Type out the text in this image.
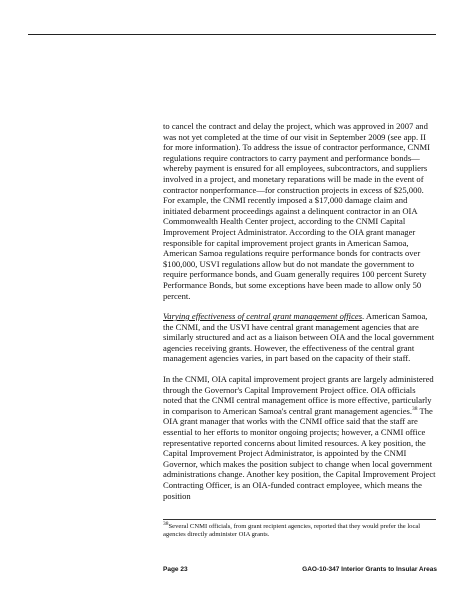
to cancel the contract and delay the project, which was approved in 2007 and was not yet completed at the time of our visit in September 2009 (see app. II for more information). To address the issue of contractor performance, CNMI regulations require contractors to carry payment and performance bonds—whereby payment is ensured for all employees, subcontractors, and suppliers involved in a project, and monetary reparations will be made in the event of contractor nonperformance—for construction projects in excess of $25,000. For example, the CNMI recently imposed a $17,000 damage claim and initiated debarment proceedings against a delinquent contractor in an OIA Commonwealth Health Center project, according to the CNMI Capital Improvement Project Administrator. According to the OIA grant manager responsible for capital improvement project grants in American Samoa, American Samoa regulations require performance bonds for contracts over $100,000, USVI regulations allow but do not mandate the government to require performance bonds, and Guam generally requires 100 percent Surety Performance Bonds, but some exceptions have been made to allow only 50 percent.

Varying effectiveness of central grant management offices. American Samoa, the CNMI, and the USVI have central grant management agencies that are similarly structured and act as a liaison between OIA and the local government agencies receiving grants. However, the effectiveness of the central grant management agencies varies, in part based on the capacity of their staff.

In the CNMI, OIA capital improvement project grants are largely administered through the Governor's Capital Improvement Project office. OIA officials noted that the CNMI central management office is more effective, particularly in comparison to American Samoa's central grant management agencies.$^{38}$ The OIA grant manager that works with the CNMI office said that the staff are essential to her efforts to monitor ongoing projects; however, a CNMI office representative reported concerns about limited resources. A key position, the Capital Improvement Project Administrator, is appointed by the CNMI Governor, which makes the position subject to change when local government administrations change. Another key position, the Capital Improvement Project Contracting Officer, is an OIA-funded contract employee, which means the position

$^{38}$Several CNMI officials, from grant recipient agencies, reported that they would prefer the local agencies directly administer OIA grants.
Page 23	GAO-10-347 Interior Grants to Insular Areas
